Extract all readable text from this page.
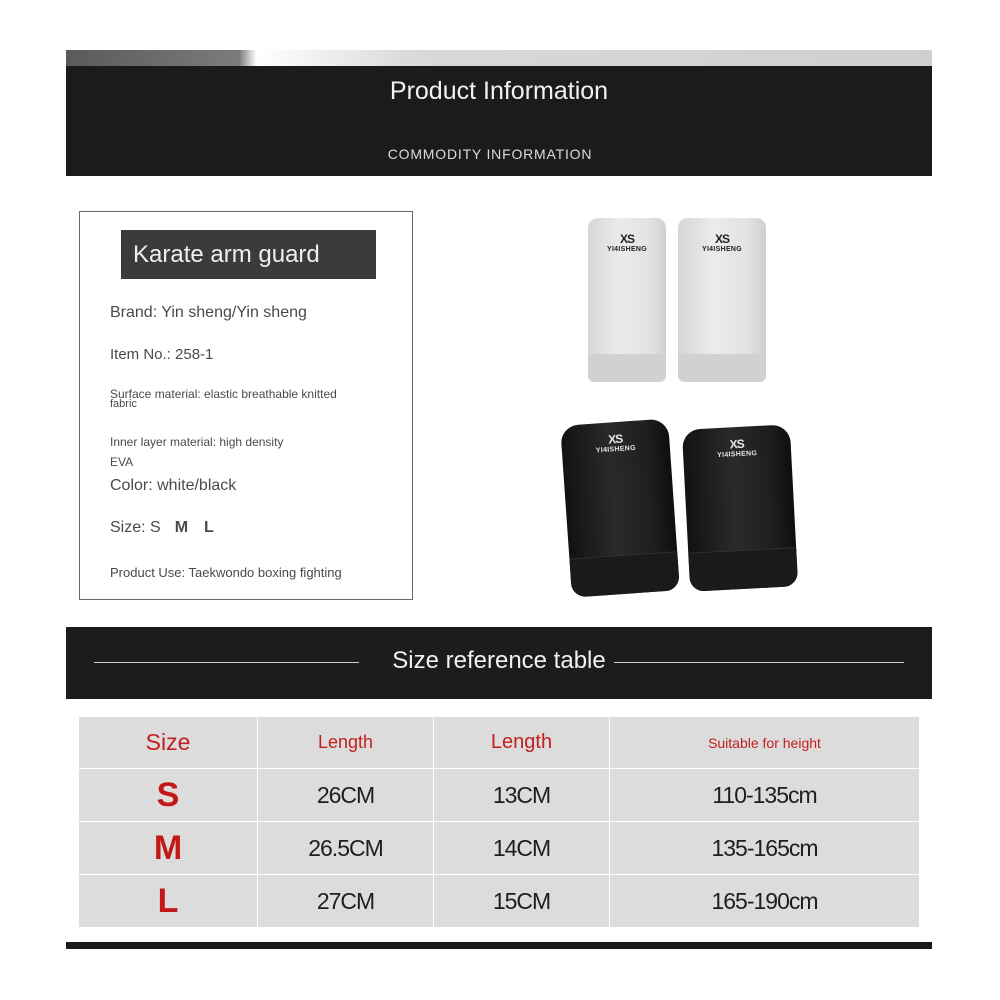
Product Information
COMMODITY INFORMATION
Karate arm guard
Brand: Yin sheng/Yin sheng
Item No.: 258-1
Surface material: elastic breathable knitted
fabric
Inner layer material: high density
EVA
Color: white/black
Size: S M L
Product Use: Taekwondo boxing fighting
XS
YI4ISHENG
XS
YI4ISHENG
XS
YI4ISHENG	XS
YI4ISHENG
Size reference table
Size	Length	Length	Suitable for height
S	26CM	13CM	110-135cm
M	26.5CM	14CM	135-165cm
L	27CM	15CM	165-190cm
